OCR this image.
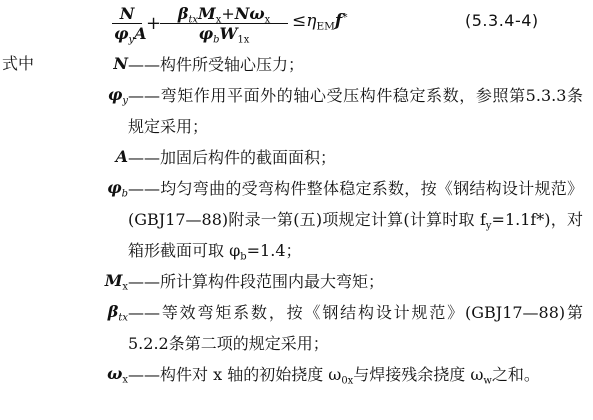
N
$\varphi_yA$ +	$\beta_{tx}M_x+N\omega_x$
$\varphi_bW_{1x}$
$\le\eta_{EM}f^*$	(5.3.4-4)
式中	N ——构件所受轴心压力；
$\varphi_y$ ——弯矩作用平面外的轴心受压构件稳定系数，参照第5.3.3条规定采用；
A ——加固后构件的截面面积；
$\varphi_b$ ——均匀弯曲的受弯构件整体稳定系数，按《钢结构设计规范》(GBJ17—88)附录一第(五)项规定计算(计算时取 $f_y=1.1f*$)，对箱形截面可取 $\varphi_b=1.4$；
$M_x$ ——所计算构件段范围内最大弯矩；
$\beta_{tx}$ ——等效弯矩系数，按《钢结构设计规范》(GBJ17—88)第5.2.2条第二项的规定采用；
$\omega_x$ ——构件对 x 轴的初始挠度 $\omega_{0x}$与焊接残余挠度 $\omega_w$之和。
